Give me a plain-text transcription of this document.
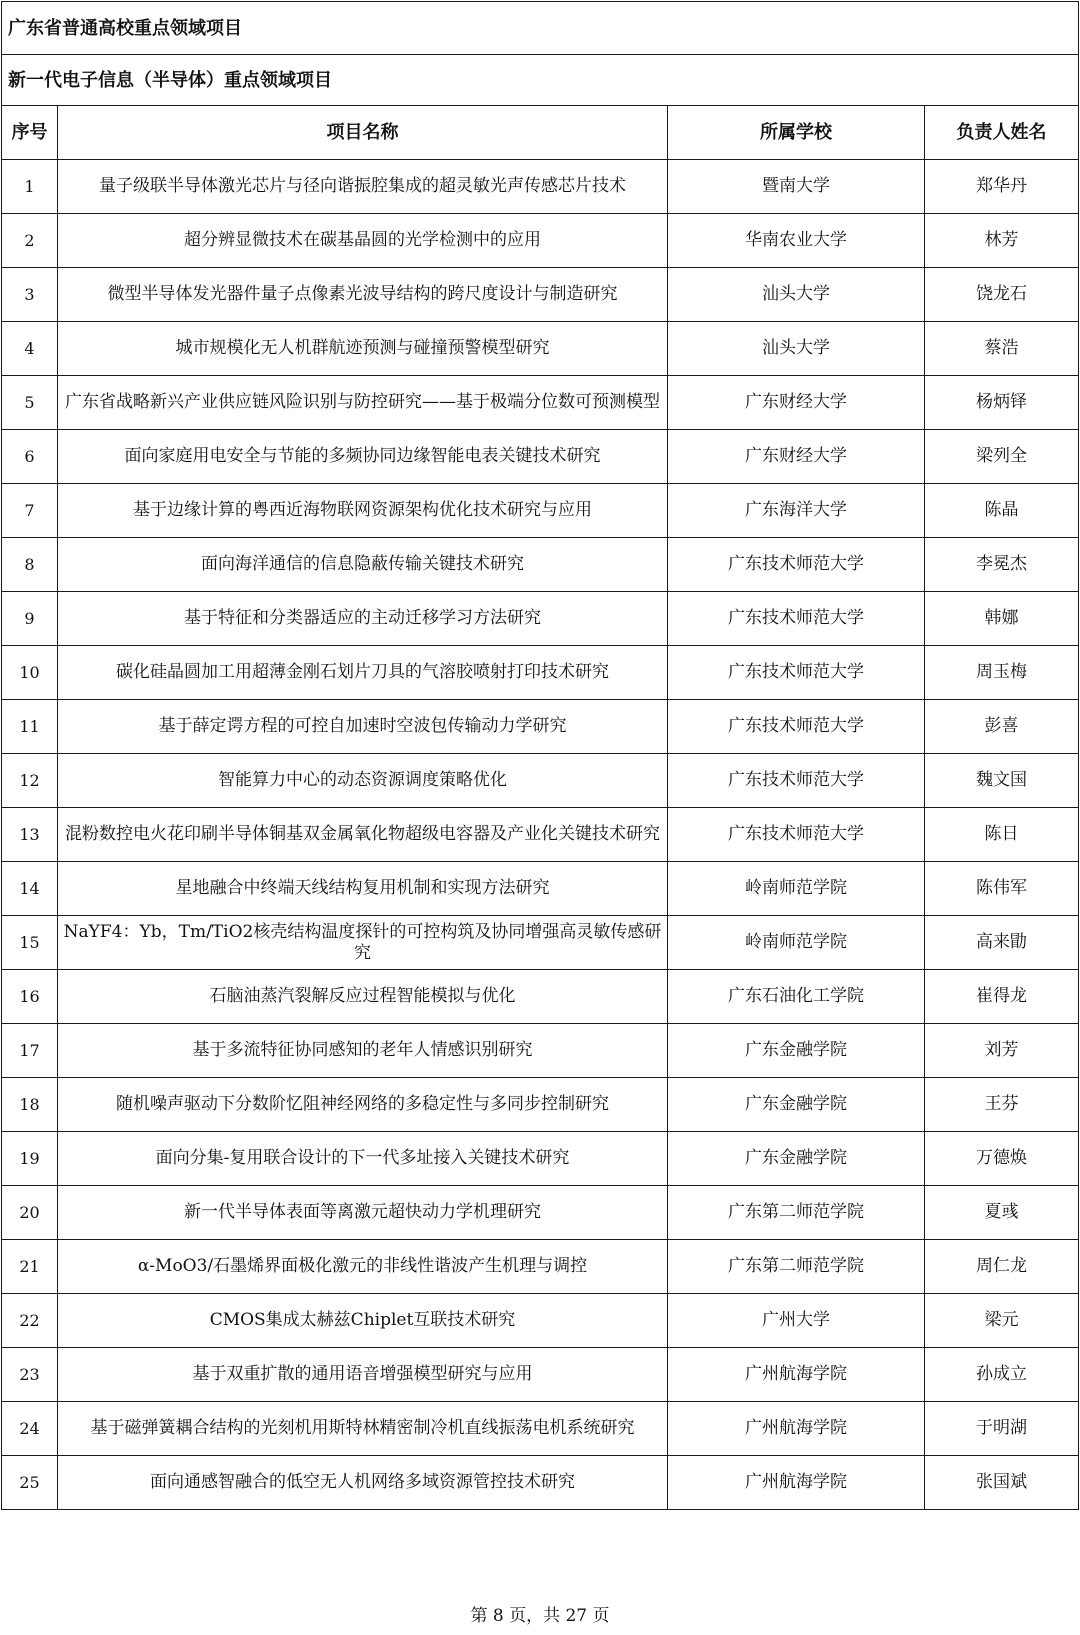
广东省普通高校重点领域项目			
新一代电子信息（半导体）重点领域项目			
序号	项目名称	所属学校	负责人姓名
1	量子级联半导体激光芯片与径向谐振腔集成的超灵敏光声传感芯片技术	暨南大学	郑华丹
2	超分辨显微技术在碳基晶圆的光学检测中的应用	华南农业大学	林芳
3	微型半导体发光器件量子点像素光波导结构的跨尺度设计与制造研究	汕头大学	饶龙石
4	城市规模化无人机群航迹预测与碰撞预警模型研究	汕头大学	蔡浩
5	广东省战略新兴产业供应链风险识别与防控研究——基于极端分位数可预测模型	广东财经大学	杨炳铎
6	面向家庭用电安全与节能的多频协同边缘智能电表关键技术研究	广东财经大学	梁列全
7	基于边缘计算的粤西近海物联网资源架构优化技术研究与应用	广东海洋大学	陈晶
8	面向海洋通信的信息隐蔽传输关键技术研究	广东技术师范大学	李冕杰
9	基于特征和分类器适应的主动迁移学习方法研究	广东技术师范大学	韩娜
10	碳化硅晶圆加工用超薄金刚石划片刀具的气溶胶喷射打印技术研究	广东技术师范大学	周玉梅
11	基于薛定谔方程的可控自加速时空波包传输动力学研究	广东技术师范大学	彭喜
12	智能算力中心的动态资源调度策略优化	广东技术师范大学	魏文国
13	混粉数控电火花印刷半导体铜基双金属氧化物超级电容器及产业化关键技术研究	广东技术师范大学	陈日
14	星地融合中终端天线结构复用机制和实现方法研究	岭南师范学院	陈伟军
15	NaYF4：Yb，Tm/TiO2核壳结构温度探针的可控构筑及协同增强高灵敏传感研究	岭南师范学院	高来勖
16	石脑油蒸汽裂解反应过程智能模拟与优化	广东石油化工学院	崔得龙
17	基于多流特征协同感知的老年人情感识别研究	广东金融学院	刘芳
18	随机噪声驱动下分数阶忆阻神经网络的多稳定性与多同步控制研究	广东金融学院	王芬
19	面向分集-复用联合设计的下一代多址接入关键技术研究	广东金融学院	万德焕
20	新一代半导体表面等离激元超快动力学机理研究	广东第二师范学院	夏彧
21	α-MoO3/石墨烯界面极化激元的非线性谐波产生机理与调控	广东第二师范学院	周仁龙
22	CMOS集成太赫兹Chiplet互联技术研究	广州大学	梁元
23	基于双重扩散的通用语音增强模型研究与应用	广州航海学院	孙成立
24	基于磁弹簧耦合结构的光刻机用斯特林精密制冷机直线振荡电机系统研究	广州航海学院	于明湖
25	面向通感智融合的低空无人机网络多域资源管控技术研究	广州航海学院	张国斌
第 8 页，共 27 页
